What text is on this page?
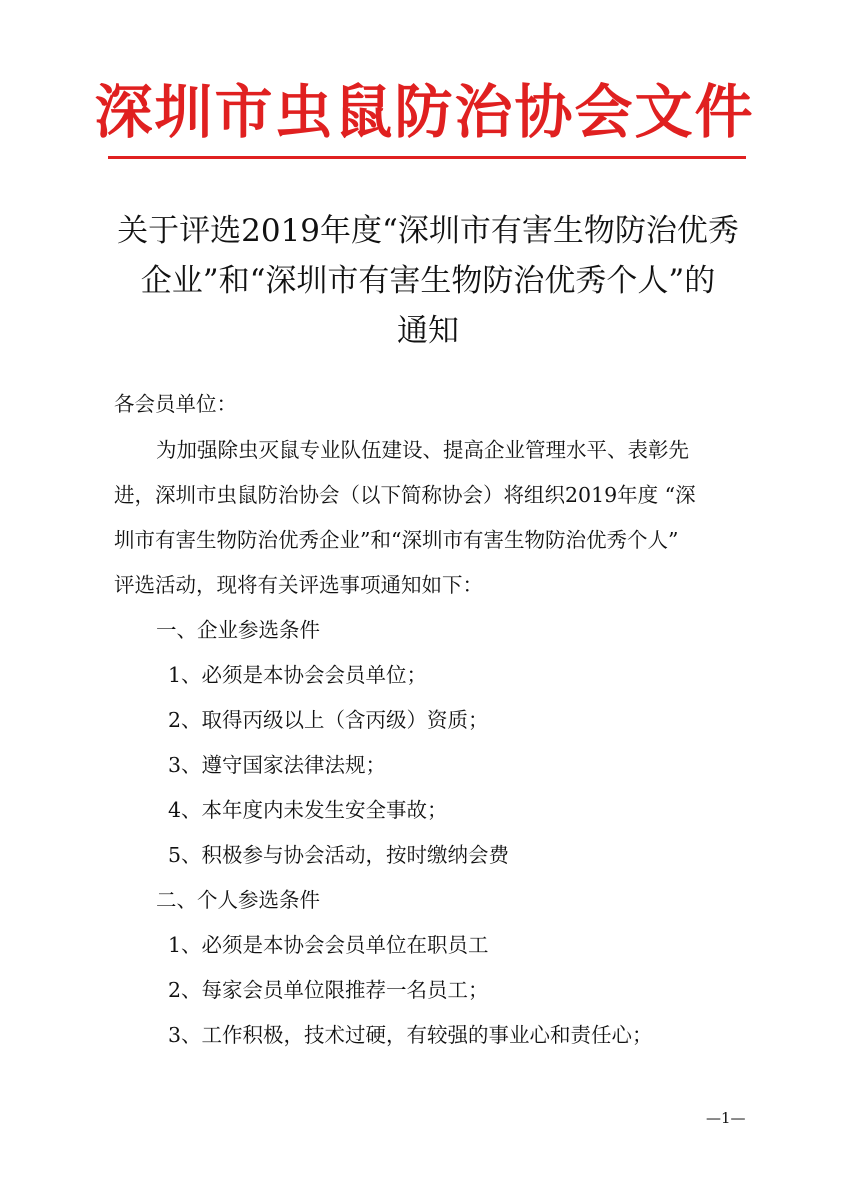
深圳市虫鼠防治协会文件
关于评选2019年度“深圳市有害生物防治优秀
企业”和“深圳市有害生物防治优秀个人”的
通知
各会员单位：
为加强除虫灭鼠专业队伍建设、提高企业管理水平、表彰先
进，深圳市虫鼠防治协会（以下简称协会）将组织2019年度 “深
圳市有害生物防治优秀企业”和“深圳市有害生物防治优秀个人”
评选活动，现将有关评选事项通知如下：
一、企业参选条件
1、必须是本协会会员单位；
2、取得丙级以上（含丙级）资质；
3、遵守国家法律法规；
4、本年度内未发生安全事故；
5、积极参与协会活动，按时缴纳会费
二、个人参选条件
1、必须是本协会会员单位在职员工
2、每家会员单位限推荐一名员工；
3、工作积极，技术过硬，有较强的事业心和责任心；
—1—
